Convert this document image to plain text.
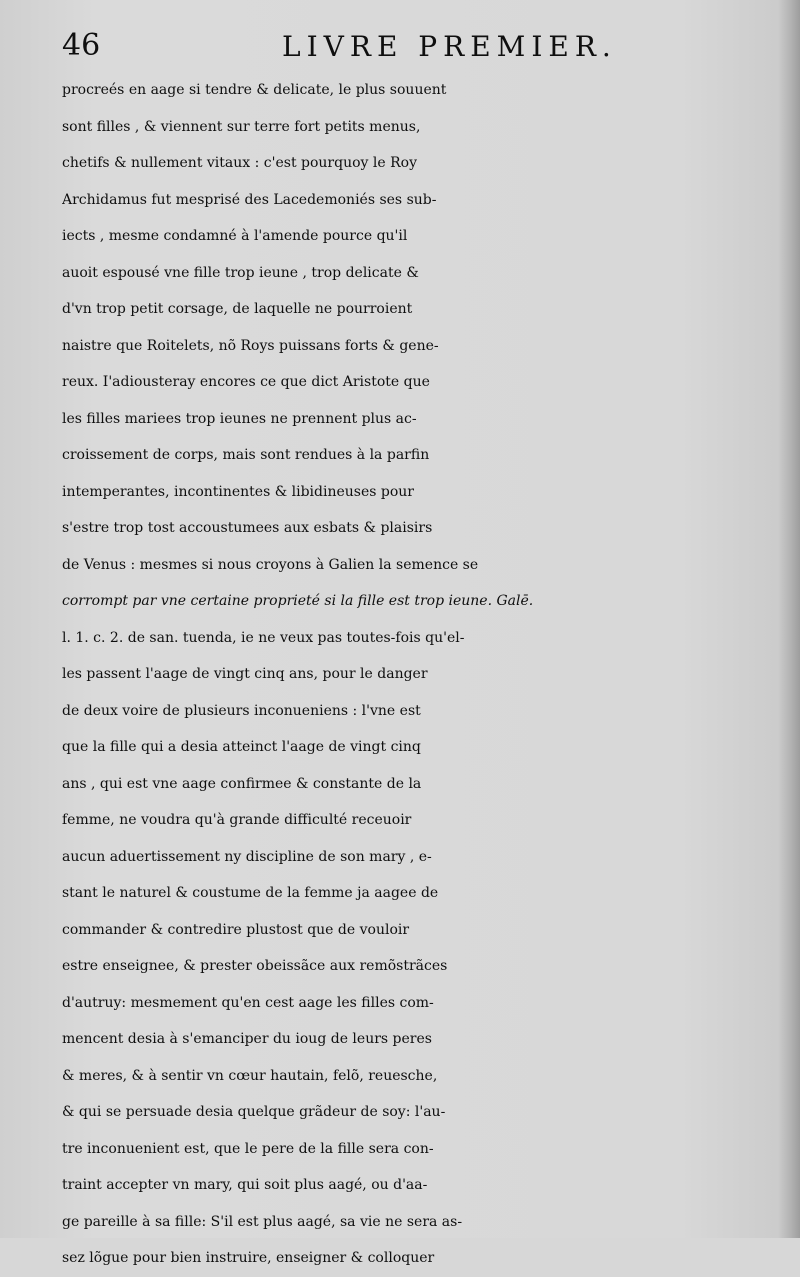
46	LIVRE PREMIER.
procreés en aage si tendre & delicate, le plus souuent
sont filles , & viennent sur terre fort petits menus,
chetifs & nullement vitaux : c'est pourquoy le Roy
Archidamus fut mesprisé des Lacedemoniés ses sub-
iects , mesme condamné à l'amende pource qu'il
auoit espousé vne fille trop ieune , trop delicate &
d'vn trop petit corsage, de laquelle ne pourroient
naistre que Roitelets, nõ Roys puissans forts & gene-
reux. I'adiousteray encores ce que dict Aristote que
les filles mariees trop ieunes ne prennent plus ac-
croissement de corps, mais sont rendues à la parfin
intemperantes, incontinentes & libidineuses pour
s'estre trop tost accoustumees aux esbats & plaisirs
de Venus : mesmes si nous croyons à Galien la semence se
corrompt par vne certaine proprieté si la fille est trop ieune. Galē.
l. 1. c. 2. de san. tuenda, ie ne veux pas toutes-fois qu'el-
les passent l'aage de vingt cinq ans, pour le danger
de deux voire de plusieurs inconueniens : l'vne est
que la fille qui a desia atteinct l'aage de vingt cinq
ans , qui est vne aage confirmee & constante de la
femme, ne voudra qu'à grande difficulté receuoir
aucun aduertissement ny discipline de son mary , e-
stant le naturel & coustume de la femme ja aagee de
commander & contredire plustost que de vouloir
estre enseignee, & prester obeissãce aux remõstrãces
d'autruy: mesmement qu'en cest aage les filles com-
mencent desia à s'emanciper du ioug de leurs peres
& meres, & à sentir vn cœur hautain, felõ, reuesche,
& qui se persuade desia quelque grãdeur de soy: l'au-
tre inconuenient est, que le pere de la fille sera con-
traint accepter vn mary, qui soit plus aagé, ou d'aa-
ge pareille à sa fille: S'il est plus aagé, sa vie ne sera as-
sez lõgue pour bien instruire, enseigner & colloquer
